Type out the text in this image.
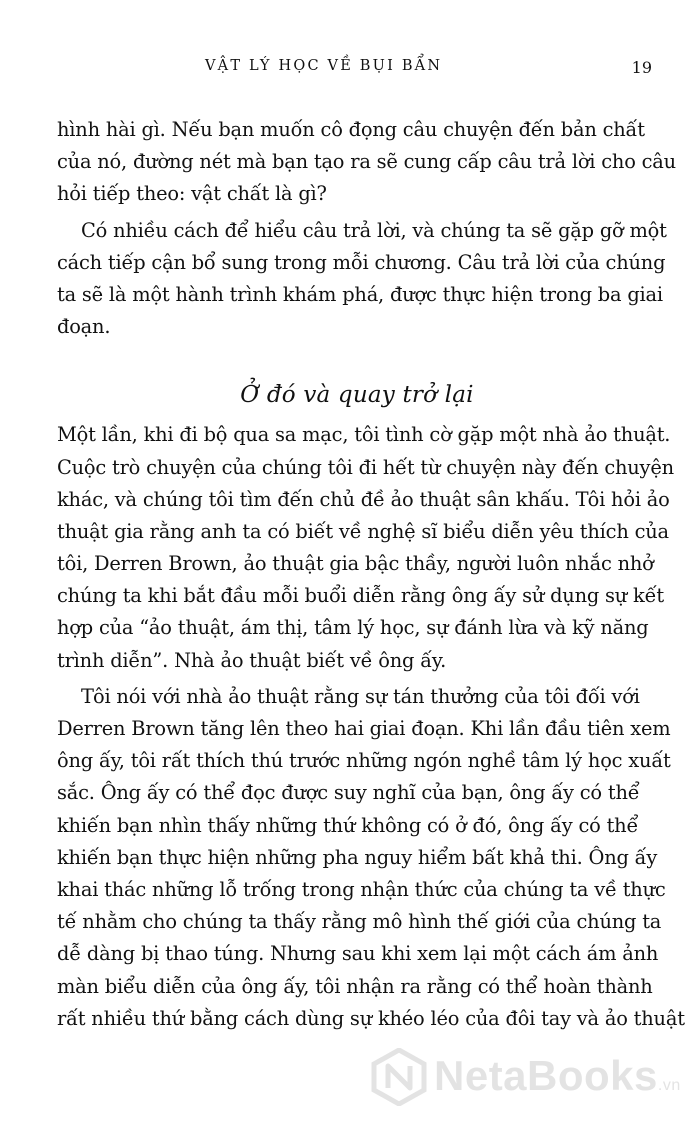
VẬT LÝ HỌC VỀ BỤI BẨN	19
hình hài gì. Nếu bạn muốn cô đọng câu chuyện đến bản chất
của nó, đường nét mà bạn tạo ra sẽ cung cấp câu trả lời cho câu
hỏi tiếp theo: vật chất là gì?
Có nhiều cách để hiểu câu trả lời, và chúng ta sẽ gặp gỡ một
cách tiếp cận bổ sung trong mỗi chương. Câu trả lời của chúng
ta sẽ là một hành trình khám phá, được thực hiện trong ba giai
đoạn.
Ở đó và quay trở lại
Một lần, khi đi bộ qua sa mạc, tôi tình cờ gặp một nhà ảo thuật.
Cuộc trò chuyện của chúng tôi đi hết từ chuyện này đến chuyện
khác, và chúng tôi tìm đến chủ đề ảo thuật sân khấu. Tôi hỏi ảo
thuật gia rằng anh ta có biết về nghệ sĩ biểu diễn yêu thích của
tôi, Derren Brown, ảo thuật gia bậc thầy, người luôn nhắc nhở
chúng ta khi bắt đầu mỗi buổi diễn rằng ông ấy sử dụng sự kết
hợp của “ảo thuật, ám thị, tâm lý học, sự đánh lừa và kỹ năng
trình diễn”. Nhà ảo thuật biết về ông ấy.
Tôi nói với nhà ảo thuật rằng sự tán thưởng của tôi đối với
Derren Brown tăng lên theo hai giai đoạn. Khi lần đầu tiên xem
ông ấy, tôi rất thích thú trước những ngón nghề tâm lý học xuất
sắc. Ông ấy có thể đọc được suy nghĩ của bạn, ông ấy có thể
khiến bạn nhìn thấy những thứ không có ở đó, ông ấy có thể
khiến bạn thực hiện những pha nguy hiểm bất khả thi. Ông ấy
khai thác những lỗ trống trong nhận thức của chúng ta về thực
tế nhằm cho chúng ta thấy rằng mô hình thế giới của chúng ta
dễ dàng bị thao túng. Nhưng sau khi xem lại một cách ám ảnh
màn biểu diễn của ông ấy, tôi nhận ra rằng có thể hoàn thành
rất nhiều thứ bằng cách dùng sự khéo léo của đôi tay và ảo thuật
NetaBooks.vn
